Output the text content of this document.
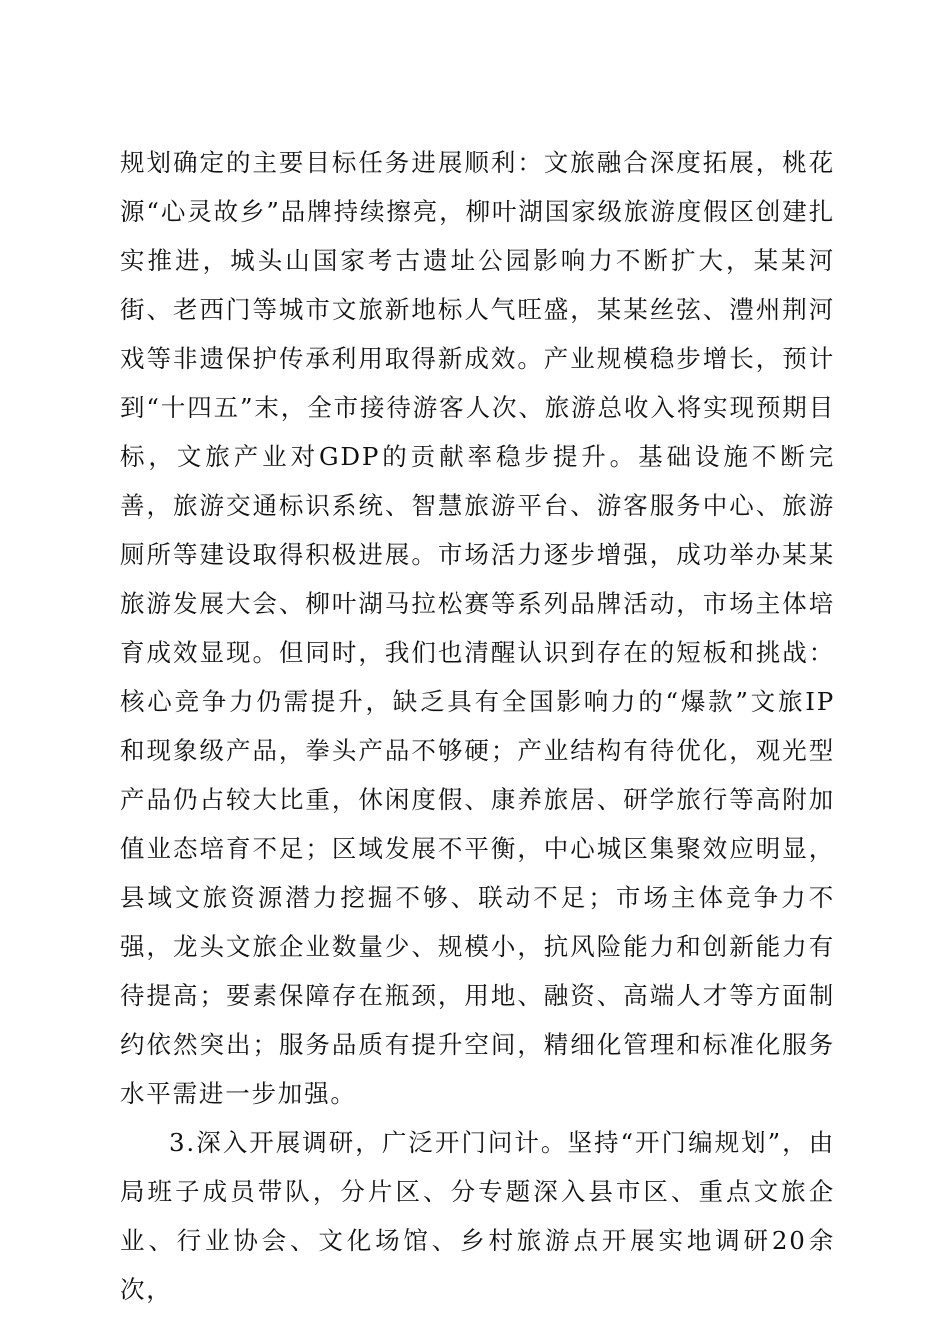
规划确定的主要目标任务进展顺利：文旅融合深度拓展，桃花源“心灵故乡”品牌持续擦亮，柳叶湖国家级旅游度假区创建扎实推进，城头山国家考古遗址公园影响力不断扩大，某某河街、老西门等城市文旅新地标人气旺盛，某某丝弦、澧州荆河戏等非遗保护传承利用取得新成效。产业规模稳步增长，预计到“十四五”末，全市接待游客人次、旅游总收入将实现预期目标，文旅产业对GDP的贡献率稳步提升。基础设施不断完善，旅游交通标识系统、智慧旅游平台、游客服务中心、旅游厕所等建设取得积极进展。市场活力逐步增强，成功举办某某旅游发展大会、柳叶湖马拉松赛等系列品牌活动，市场主体培育成效显现。但同时，我们也清醒认识到存在的短板和挑战：核心竞争力仍需提升，缺乏具有全国影响力的“爆款”文旅IP和现象级产品，拳头产品不够硬；产业结构有待优化，观光型产品仍占较大比重，休闲度假、康养旅居、研学旅行等高附加值业态培育不足；区域发展不平衡，中心城区集聚效应明显，县域文旅资源潜力挖掘不够、联动不足；市场主体竞争力不强，龙头文旅企业数量少、规模小，抗风险能力和创新能力有待提高；要素保障存在瓶颈，用地、融资、高端人才等方面制约依然突出；服务品质有提升空间，精细化管理和标准化服务水平需进一步加强。

3.深入开展调研，广泛开门问计。坚持“开门编规划”，由局班子成员带队，分片区、分专题深入县市区、重点文旅企业、行业协会、文化场馆、乡村旅游点开展实地调研20余次，
